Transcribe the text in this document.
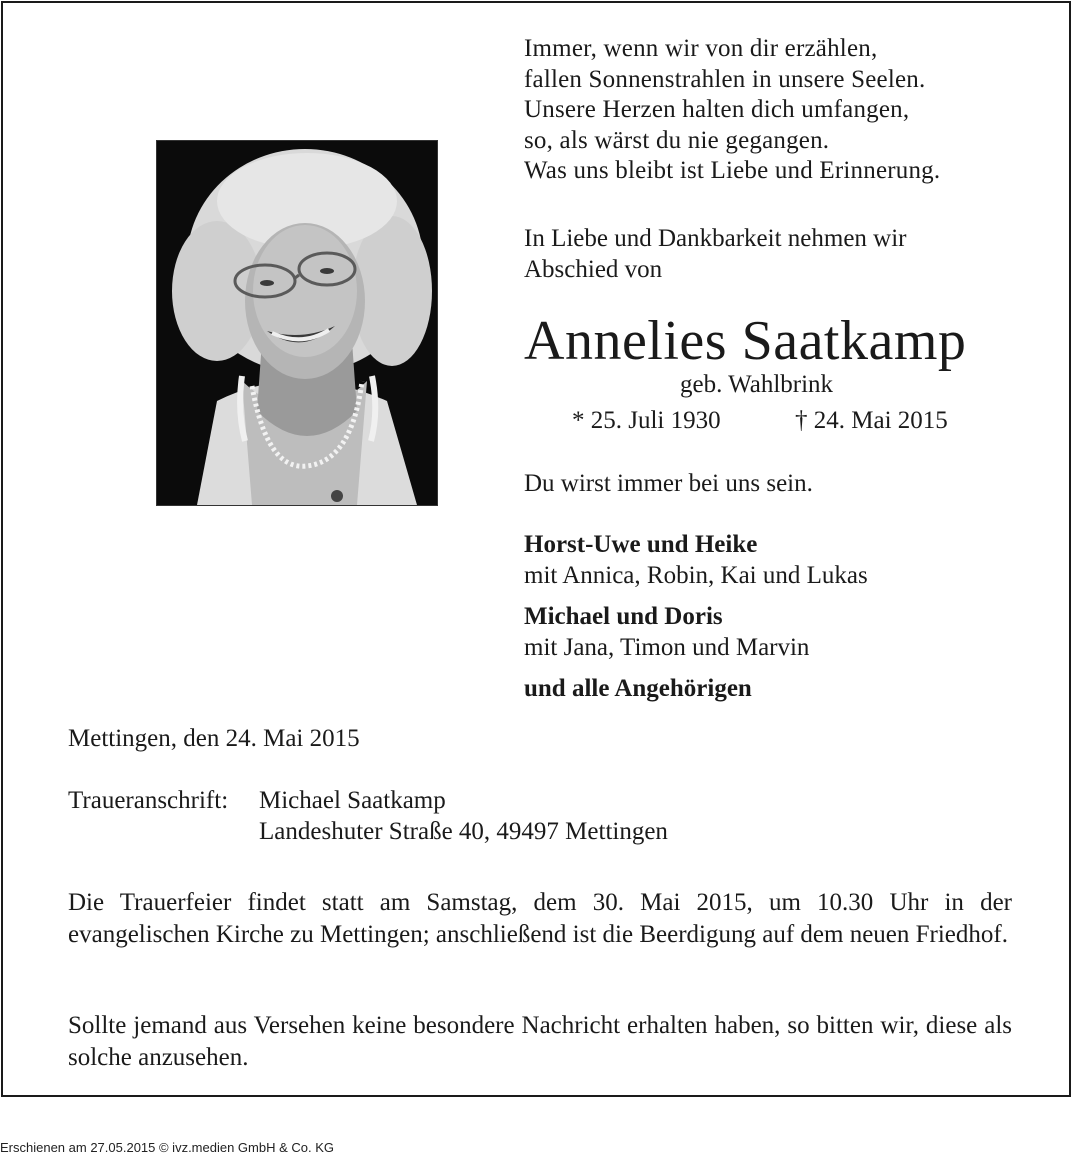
Immer, wenn wir von dir erzählen,
fallen Sonnenstrahlen in unsere Seelen.
Unsere Herzen halten dich umfangen,
so, als wärst du nie gegangen.
Was uns bleibt ist Liebe und Erinnerung.
In Liebe und Dankbarkeit nehmen wir
Abschied von
Annelies Saatkamp
geb. Wahlbrink
* 25. Juli 1930	† 24. Mai 2015
Du wirst immer bei uns sein.
Horst-Uwe und Heike
mit Annica, Robin, Kai und Lukas
Michael und Doris
mit Jana, Timon und Marvin
und alle Angehörigen
Mettingen, den 24. Mai 2015
Traueranschrift: Michael Saatkamp
Landeshuter Straße 40, 49497 Mettingen
Die Trauerfeier findet statt am Samstag, dem 30. Mai 2015, um 10.30 Uhr in der evangelischen Kirche zu Mettingen; anschließend ist die Beerdigung auf dem neuen Friedhof.
Sollte jemand aus Versehen keine besondere Nachricht erhalten haben, so bitten wir, diese als solche anzusehen.
Erschienen am 27.05.2015 © ivz.medien GmbH & Co. KG
